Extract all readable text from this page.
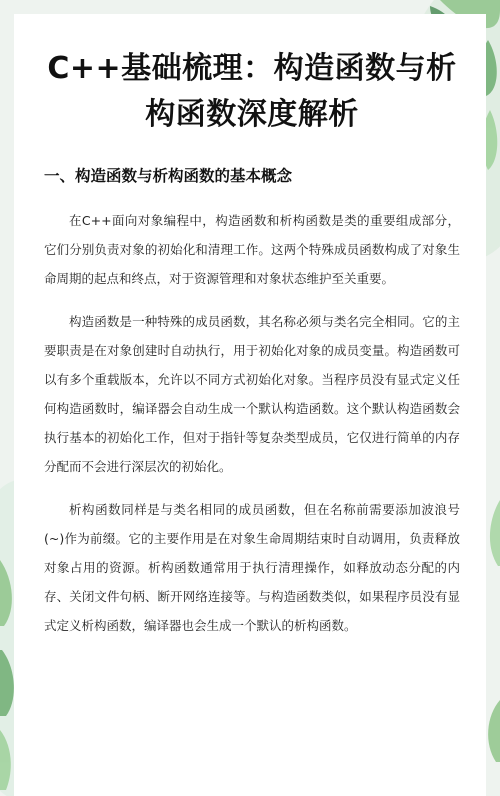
C++基础梳理：构造函数与析构函数深度解析
一、构造函数与析构函数的基本概念

在C++面向对象编程中，构造函数和析构函数是类的重要组成部分，它们分别负责对象的初始化和清理工作。这两个特殊成员函数构成了对象生命周期的起点和终点，对于资源管理和对象状态维护至关重要。

构造函数是一种特殊的成员函数，其名称必须与类名完全相同。它的主要职责是在对象创建时自动执行，用于初始化对象的成员变量。构造函数可以有多个重载版本，允许以不同方式初始化对象。当程序员没有显式定义任何构造函数时，编译器会自动生成一个默认构造函数。这个默认构造函数会执行基本的初始化工作，但对于指针等复杂类型成员，它仅进行简单的内存分配而不会进行深层次的初始化。

析构函数同样是与类名相同的成员函数，但在名称前需要添加波浪号(~)作为前缀。它的主要作用是在对象生命周期结束时自动调用，负责释放对象占用的资源。析构函数通常用于执行清理操作，如释放动态分配的内存、关闭文件句柄、断开网络连接等。与构造函数类似，如果程序员没有显式定义析构函数，编译器也会生成一个默认的析构函数。
